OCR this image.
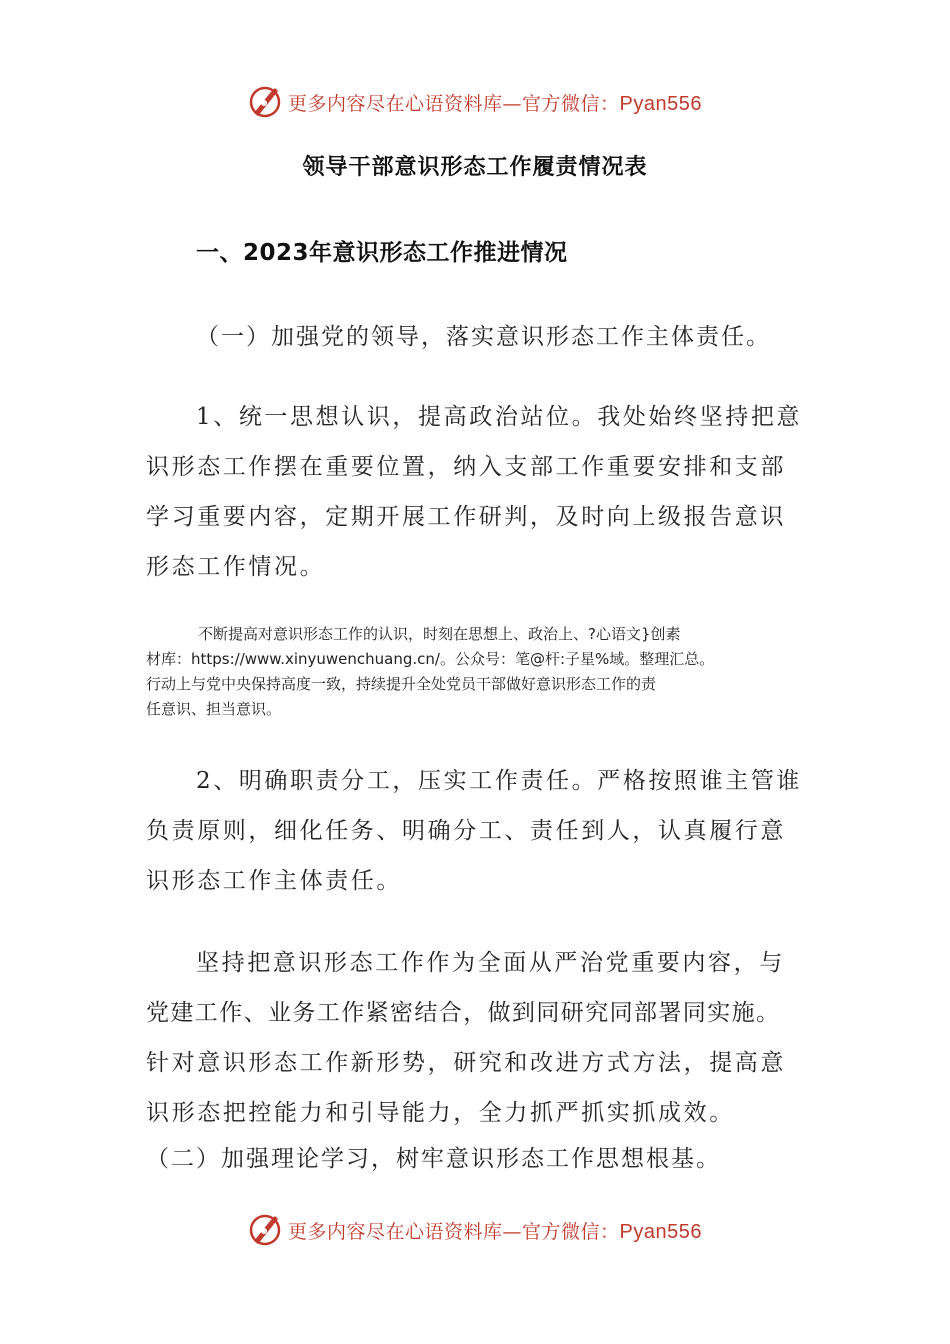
更多内容尽在心语资料库—官方微信：Pyan556
领导干部意识形态工作履责情况表
一、2023年意识形态工作推进情况
（一）加强党的领导，落实意识形态工作主体责任。
1、统一思想认识，提高政治站位。我处始终坚持把意
识形态工作摆在重要位置，纳入支部工作重要安排和支部
学习重要内容，定期开展工作研判，及时向上级报告意识
形态工作情况。
不断提高对意识形态工作的认识，时刻在思想上、政治上、?心语文}创素
材库：https://www.xinyuwenchuang.cn/。公众号：笔@杆:子星%域。整理汇总。
行动上与党中央保持高度一致，持续提升全处党员干部做好意识形态工作的责
任意识、担当意识。
2、明确职责分工，压实工作责任。严格按照谁主管谁
负责原则，细化任务、明确分工、责任到人，认真履行意
识形态工作主体责任。
坚持把意识形态工作作为全面从严治党重要内容，与
党建工作、业务工作紧密结合，做到同研究同部署同实施。
针对意识形态工作新形势，研究和改进方式方法，提高意
识形态把控能力和引导能力，全力抓严抓实抓成效。
（二）加强理论学习，树牢意识形态工作思想根基。
更多内容尽在心语资料库—官方微信：Pyan556
